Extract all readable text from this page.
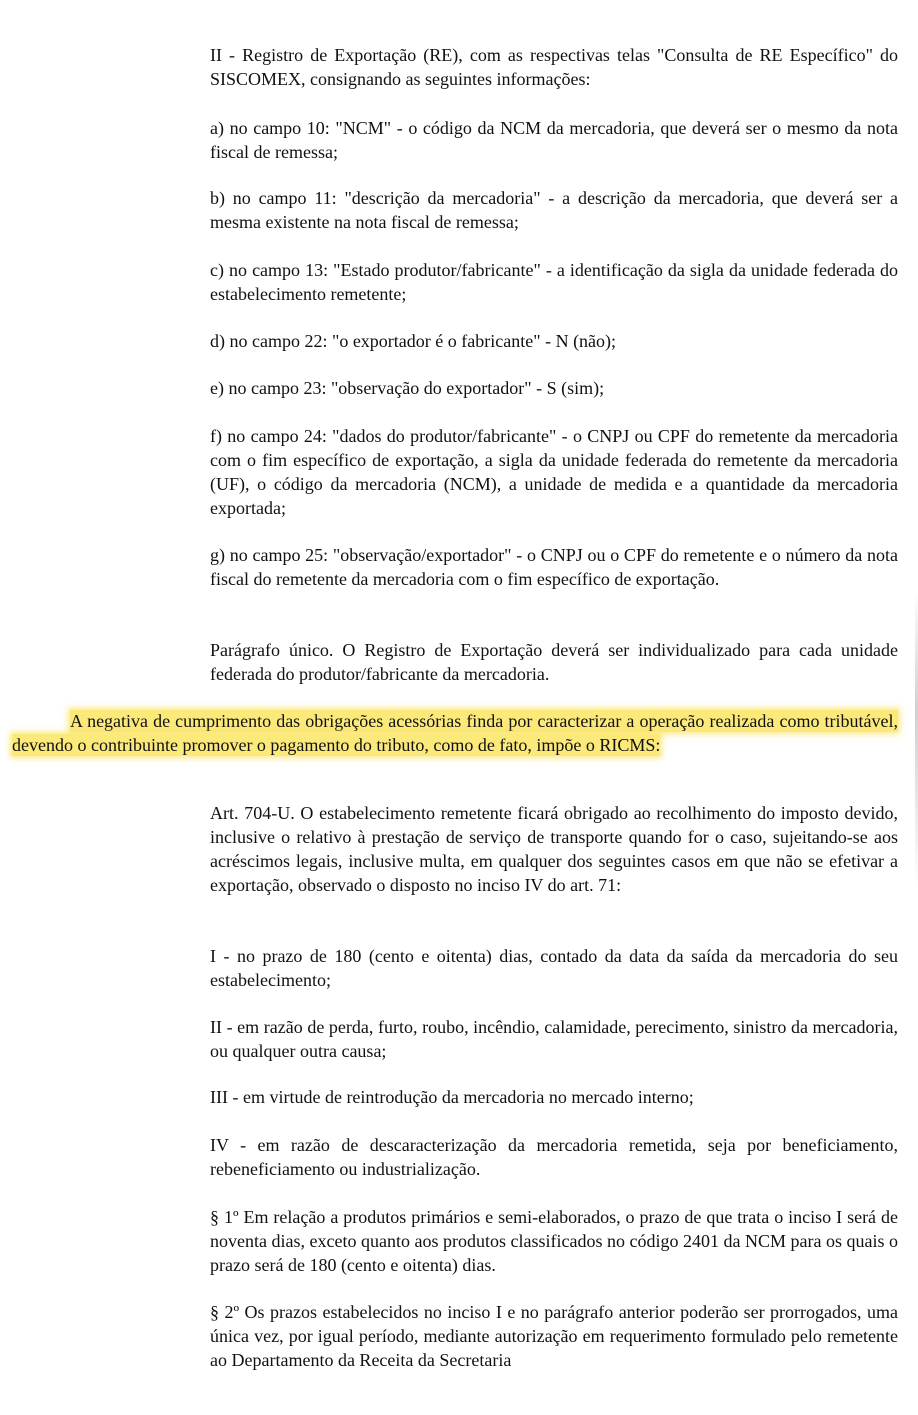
II - Registro de Exportação (RE), com as respectivas telas "Consulta de RE Específico" do SISCOMEX, consignando as seguintes informações:

a) no campo 10: "NCM" - o código da NCM da mercadoria, que deverá ser o mesmo da nota fiscal de remessa;

b) no campo 11: "descrição da mercadoria" - a descrição da mercadoria, que deverá ser a mesma existente na nota fiscal de remessa;

c) no campo 13: "Estado produtor/fabricante" - a identificação da sigla da unidade federada do estabelecimento remetente;

d) no campo 22: "o exportador é o fabricante" - N (não);

e) no campo 23: "observação do exportador" - S (sim);

f) no campo 24: "dados do produtor/fabricante" - o CNPJ ou CPF do remetente da mercadoria com o fim específico de exportação, a sigla da unidade federada do remetente da mercadoria (UF), o código da mercadoria (NCM), a unidade de medida e a quantidade da mercadoria exportada;

g) no campo 25: "observação/exportador" - o CNPJ ou o CPF do remetente e o número da nota fiscal do remetente da mercadoria com o fim específico de exportação.

Parágrafo único. O Registro de Exportação deverá ser individualizado para cada unidade federada do produtor/fabricante da mercadoria.

A negativa de cumprimento das obrigações acessórias finda por caracterizar a operação realizada como tributável, devendo o contribuinte promover o pagamento do tributo, como de fato, impõe o RICMS:

Art. 704-U. O estabelecimento remetente ficará obrigado ao recolhimento do imposto devido, inclusive o relativo à prestação de serviço de transporte quando for o caso, sujeitando-se aos acréscimos legais, inclusive multa, em qualquer dos seguintes casos em que não se efetivar a exportação, observado o disposto no inciso IV do art. 71:

I - no prazo de 180 (cento e oitenta) dias, contado da data da saída da mercadoria do seu estabelecimento;

II - em razão de perda, furto, roubo, incêndio, calamidade, perecimento, sinistro da mercadoria, ou qualquer outra causa;

III - em virtude de reintrodução da mercadoria no mercado interno;

IV - em razão de descaracterização da mercadoria remetida, seja por beneficiamento, rebeneficiamento ou industrialização.

§ 1º Em relação a produtos primários e semi-elaborados, o prazo de que trata o inciso I será de noventa dias, exceto quanto aos produtos classificados no código 2401 da NCM para os quais o prazo será de 180 (cento e oitenta) dias.

§ 2º Os prazos estabelecidos no inciso I e no parágrafo anterior poderão ser prorrogados, uma única vez, por igual período, mediante autorização em requerimento formulado pelo remetente ao Departamento da Receita da Secretaria
